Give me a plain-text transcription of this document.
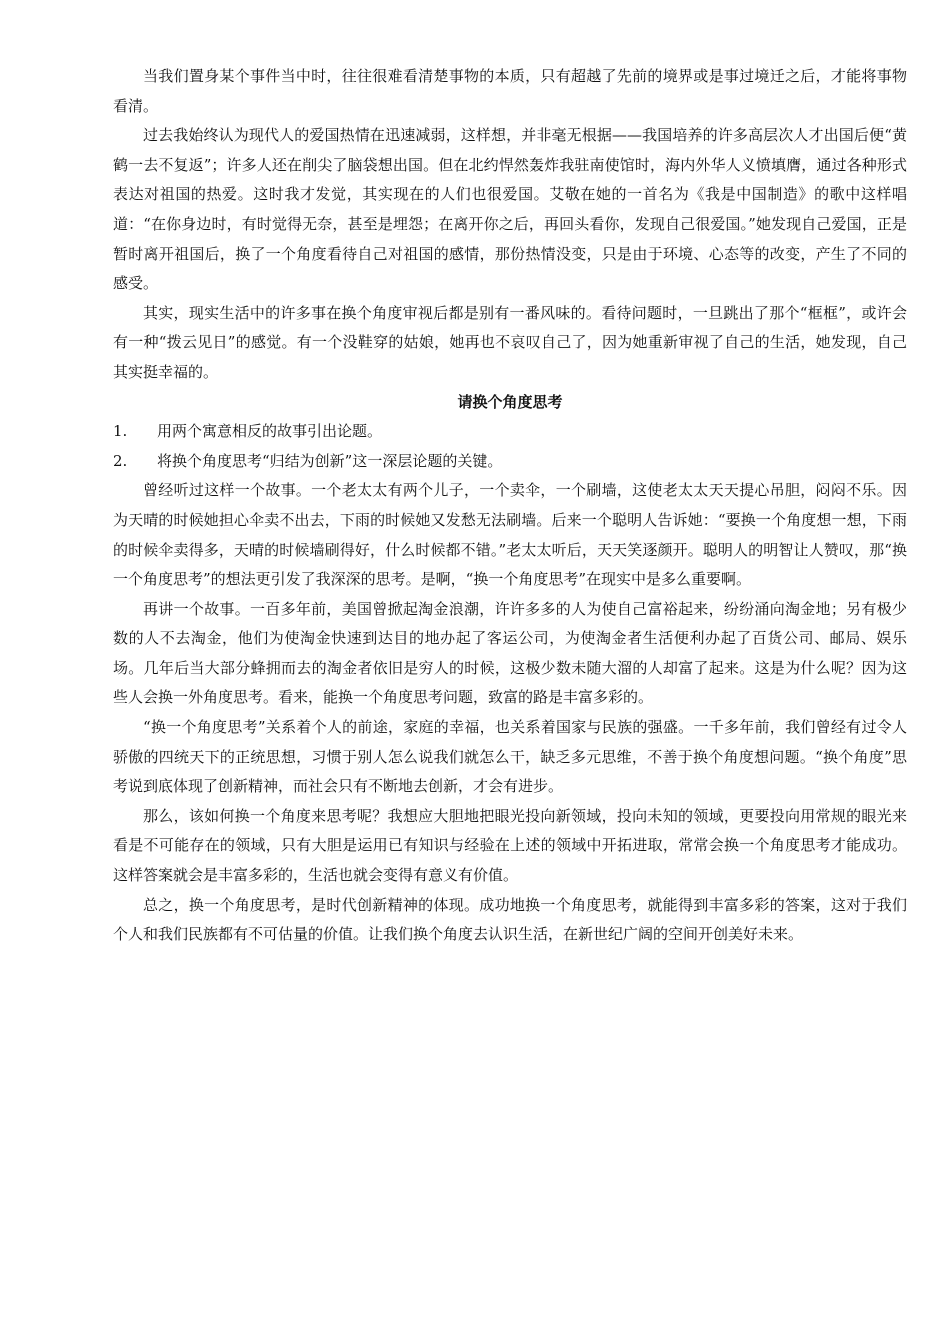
当我们置身某个事件当中时，往往很难看清楚事物的本质，只有超越了先前的境界或是事过境迁之后，才能将事物看清。

过去我始终认为现代人的爱国热情在迅速减弱，这样想，并非毫无根据——我国培养的许多高层次人才出国后便“黄鹤一去不复返”；许多人还在削尖了脑袋想出国。但在北约悍然轰炸我驻南使馆时，海内外华人义愤填膺，通过各种形式表达对祖国的热爱。这时我才发觉，其实现在的人们也很爱国。艾敬在她的一首名为《我是中国制造》的歌中这样唱道：“在你身边时，有时觉得无奈，甚至是埋怨；在离开你之后，再回头看你，发现自己很爱国。”她发现自己爱国，正是暂时离开祖国后，换了一个角度看待自己对祖国的感情，那份热情没变，只是由于环境、心态等的改变，产生了不同的感受。

其实，现实生活中的许多事在换个角度审视后都是别有一番风味的。看待问题时，一旦跳出了那个“框框”，或许会有一种“拨云见日”的感觉。有一个没鞋穿的姑娘，她再也不哀叹自己了，因为她重新审视了自己的生活，她发现，自己其实挺幸福的。

请换个角度思考

1.	用两个寓意相反的故事引出论题。
2.	将换个角度思考“归结为创新”这一深层论题的关键。

曾经听过这样一个故事。一个老太太有两个儿子，一个卖伞，一个刷墙，这使老太太天天提心吊胆，闷闷不乐。因为天晴的时候她担心伞卖不出去，下雨的时候她又发愁无法刷墙。后来一个聪明人告诉她：“要换一个角度想一想，下雨的时候伞卖得多，天晴的时候墙刷得好，什么时候都不错。”老太太听后，天天笑逐颜开。聪明人的明智让人赞叹，那“换一个角度思考”的想法更引发了我深深的思考。是啊，“换一个角度思考”在现实中是多么重要啊。

再讲一个故事。一百多年前，美国曾掀起淘金浪潮，许许多多的人为使自己富裕起来，纷纷涌向淘金地；另有极少数的人不去淘金，他们为使淘金快速到达目的地办起了客运公司，为使淘金者生活便利办起了百货公司、邮局、娱乐场。几年后当大部分蜂拥而去的淘金者依旧是穷人的时候，这极少数未随大溜的人却富了起来。这是为什么呢？因为这些人会换一外角度思考。看来，能换一个角度思考问题，致富的路是丰富多彩的。

“换一个角度思考”关系着个人的前途，家庭的幸福，也关系着国家与民族的强盛。一千多年前，我们曾经有过令人骄傲的四统天下的正统思想，习惯于别人怎么说我们就怎么干，缺乏多元思维，不善于换个角度想问题。“换个角度”思考说到底体现了创新精神，而社会只有不断地去创新，才会有进步。

那么，该如何换一个角度来思考呢？我想应大胆地把眼光投向新领域，投向未知的领域，更要投向用常规的眼光来看是不可能存在的领域，只有大胆是运用已有知识与经验在上述的领域中开拓进取，常常会换一个角度思考才能成功。这样答案就会是丰富多彩的，生活也就会变得有意义有价值。

总之，换一个角度思考，是时代创新精神的体现。成功地换一个角度思考，就能得到丰富多彩的答案，这对于我们个人和我们民族都有不可估量的价值。让我们换个角度去认识生活，在新世纪广阔的空间开创美好未来。
